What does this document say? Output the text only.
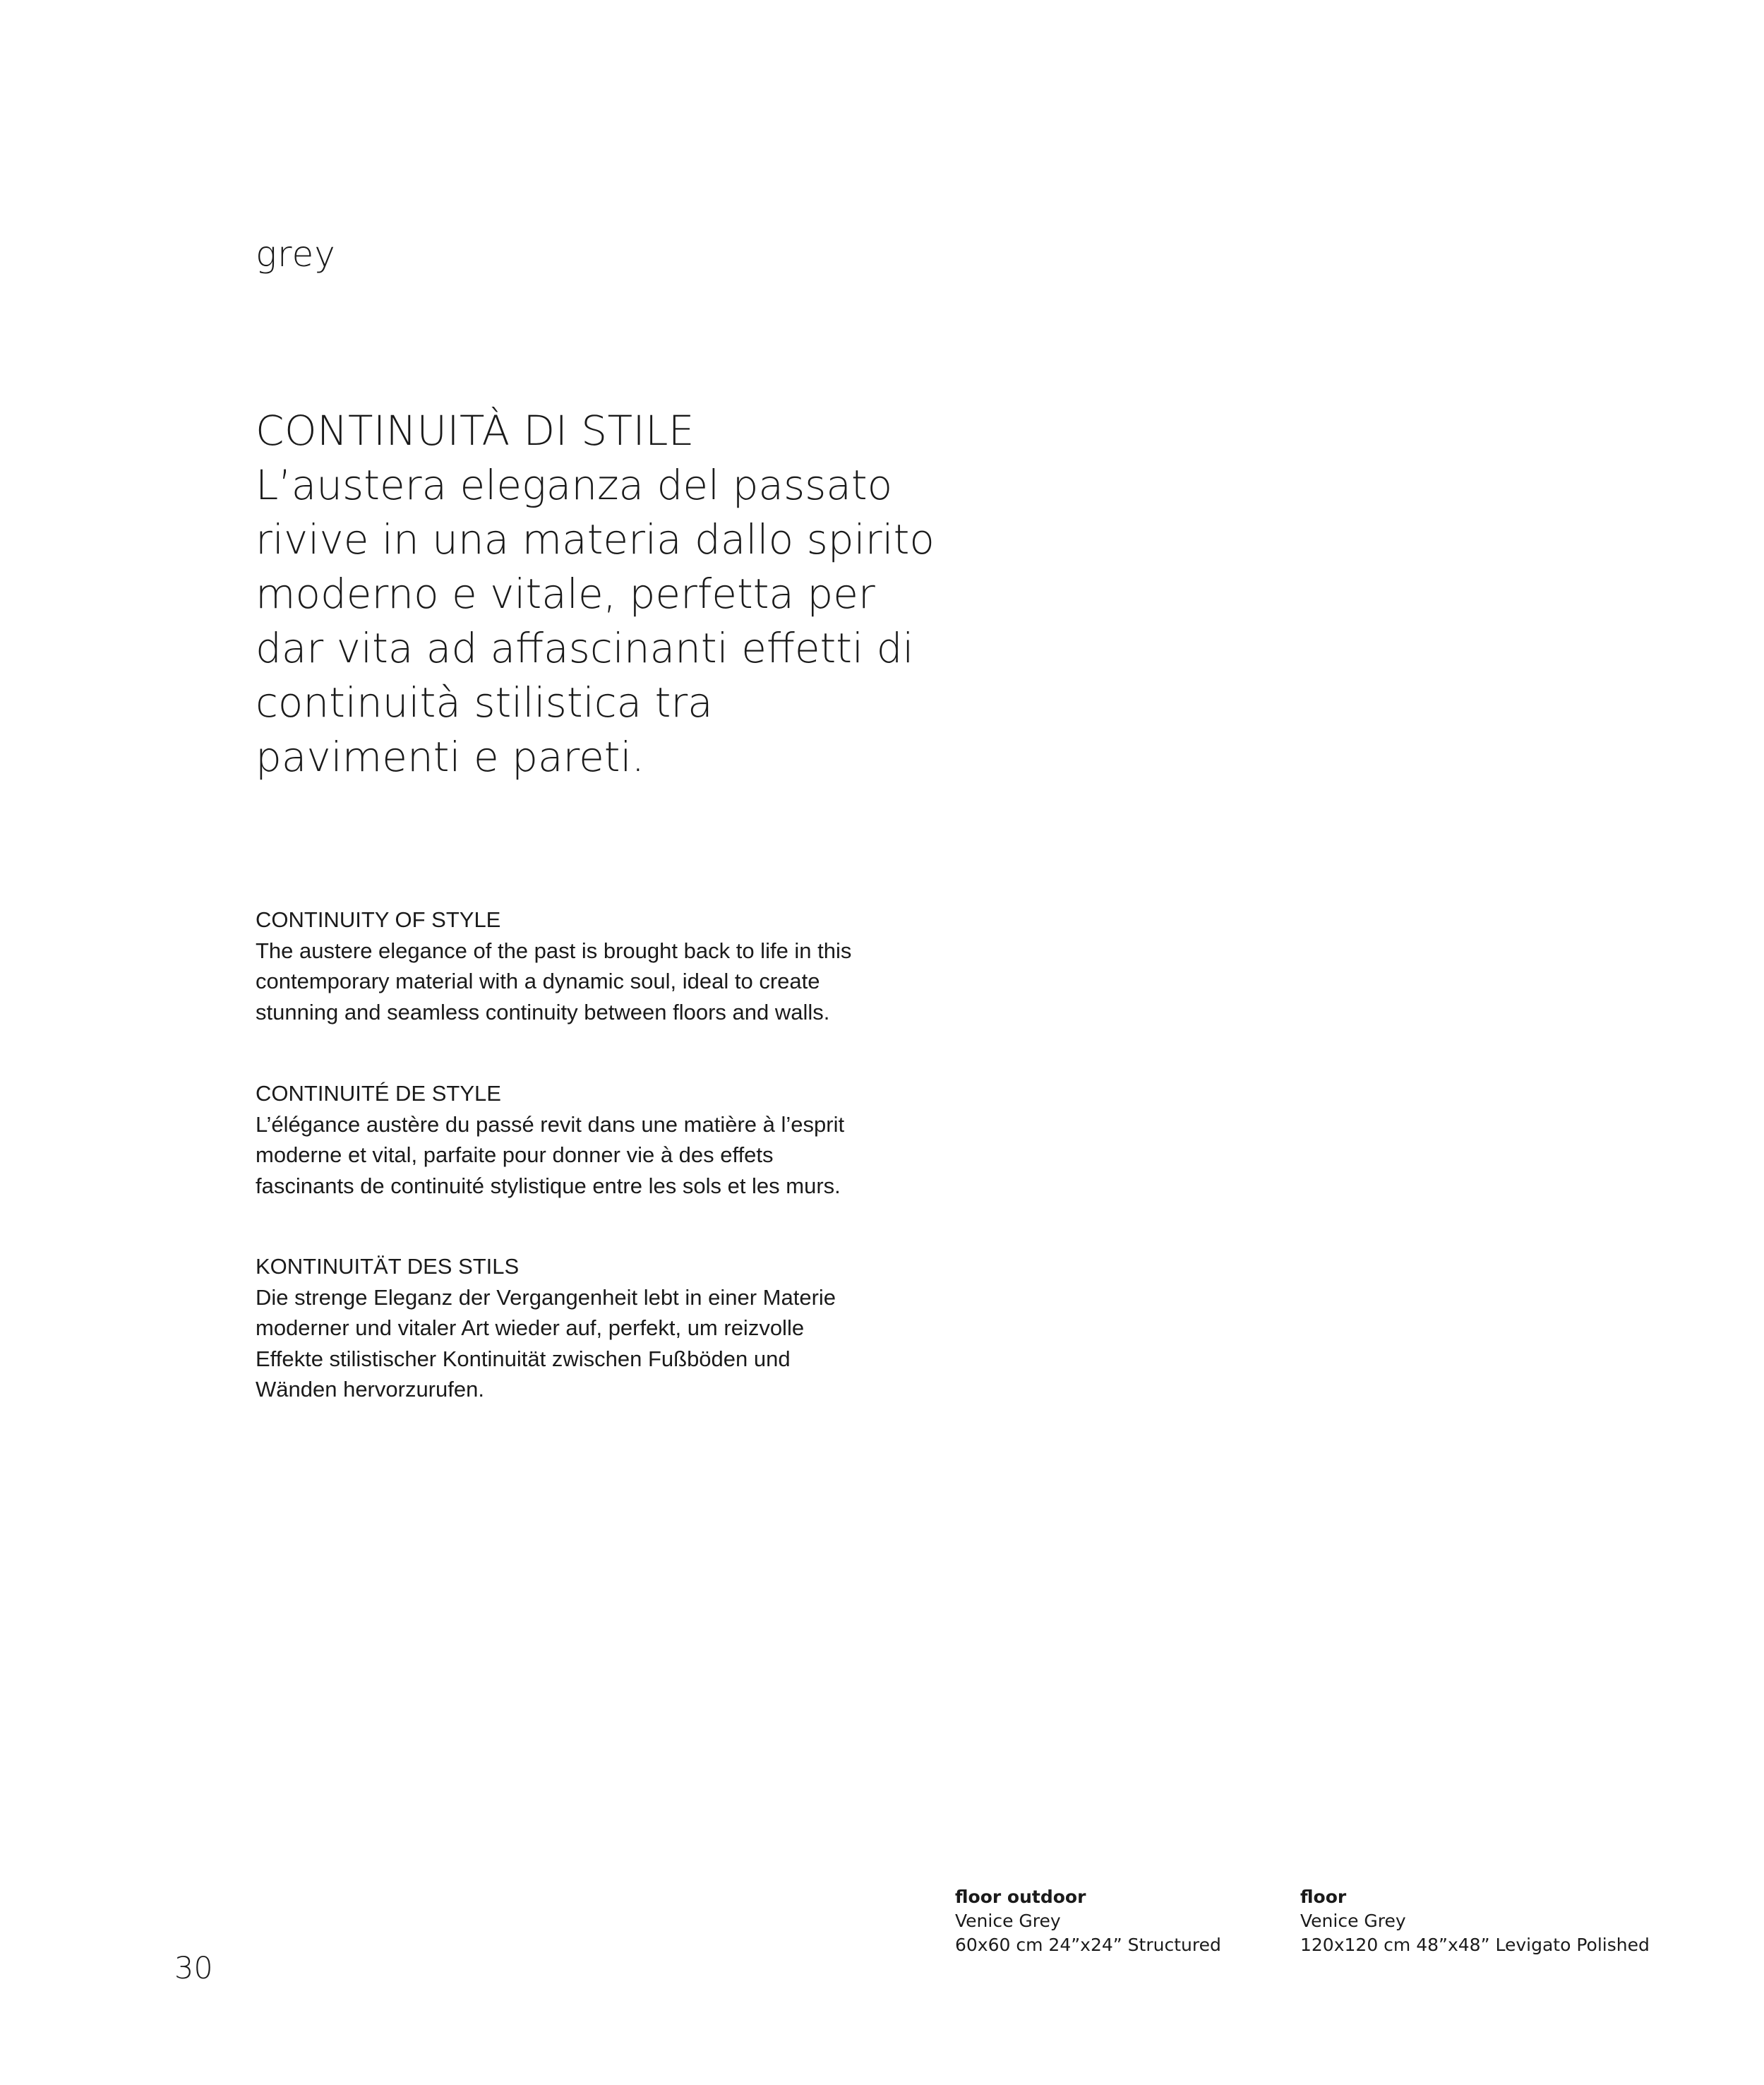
grey
CONTINUITÀ DI STILE
L’austera eleganza del passato
rivive in una materia dallo spirito
moderno e vitale, perfetta per
dar vita ad affascinanti effetti di
continuità stilistica tra
pavimenti e pareti.
CONTINUITY OF STYLE
The austere elegance of the past is brought back to life in this
contemporary material with a dynamic soul, ideal to create
stunning and seamless continuity between floors and walls.
CONTINUITÉ DE STYLE
L’élégance austère du passé revit dans une matière à l’esprit
moderne et vital, parfaite pour donner vie à des effets
fascinants de continuité stylistique entre les sols et les murs.
KONTINUITÄT DES STILS
Die strenge Eleganz der Vergangenheit lebt in einer Materie
moderner und vitaler Art wieder auf, perfekt, um reizvolle
Effekte stilistischer Kontinuität zwischen Fußböden und
Wänden hervorzurufen.
floor outdoor
Venice Grey
60x60 cm 24”x24” Structured
floor
Venice Grey
120x120 cm 48”x48” Levigato Polished
30
